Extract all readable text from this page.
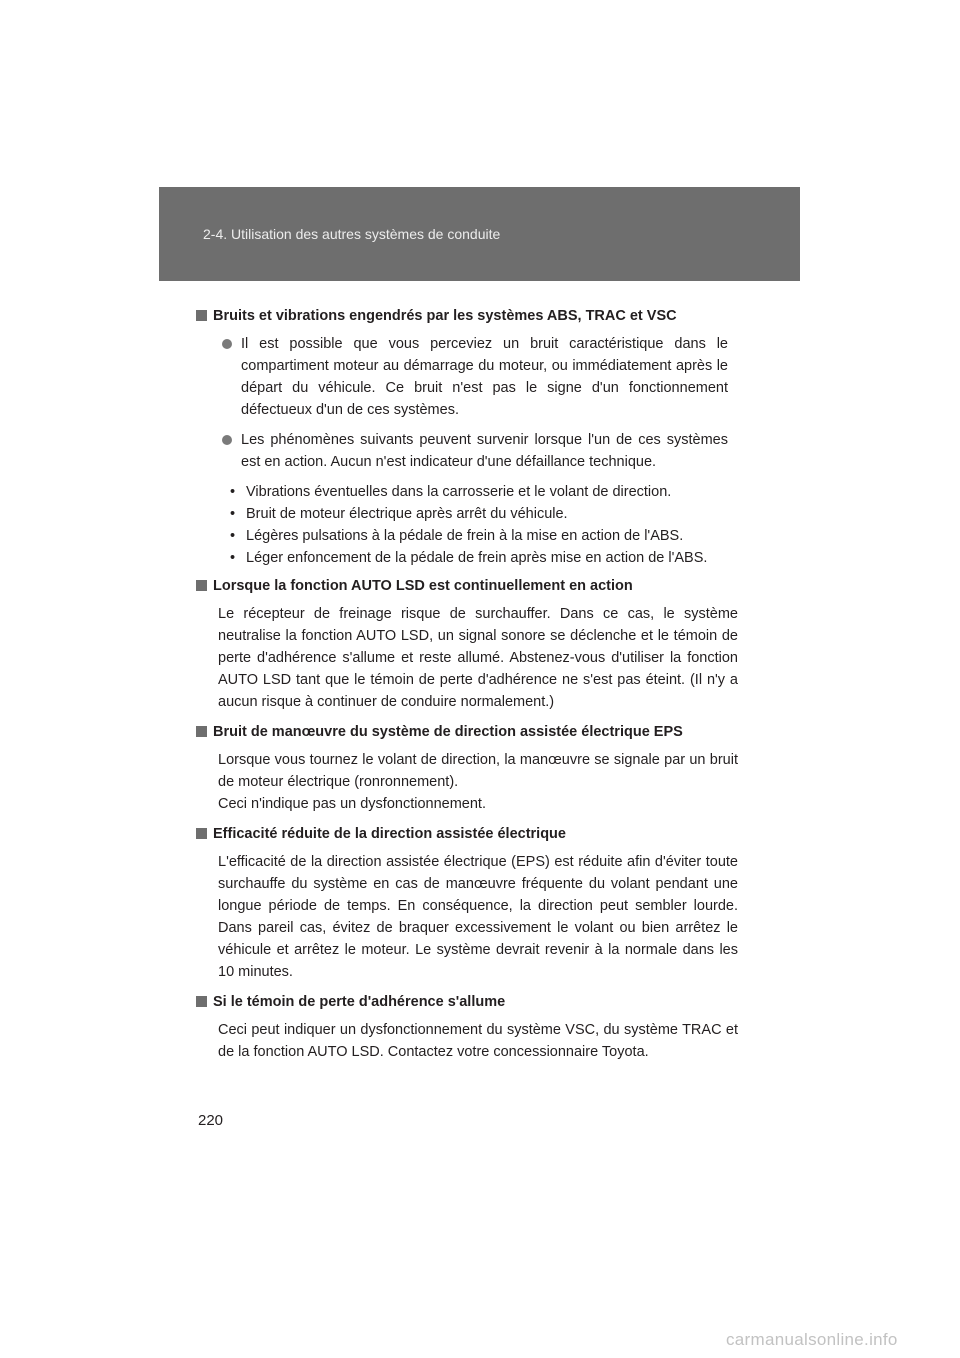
2-4. Utilisation des autres systèmes de conduite
Bruits et vibrations engendrés par les systèmes ABS, TRAC et VSC
Il est possible que vous perceviez un bruit caractéristique dans le compartiment moteur au démarrage du moteur, ou immédiatement après le départ du véhicule. Ce bruit n'est pas le signe d'un fonctionnement défectueux d'un de ces systèmes.
Les phénomènes suivants peuvent survenir lorsque l'un de ces systèmes est en action. Aucun n'est indicateur d'une défaillance technique.
• Vibrations éventuelles dans la carrosserie et le volant de direction.
• Bruit de moteur électrique après arrêt du véhicule.
• Légères pulsations à la pédale de frein à la mise en action de l'ABS.
• Léger enfoncement de la pédale de frein après mise en action de l'ABS.
Lorsque la fonction AUTO LSD est continuellement en action
Le récepteur de freinage risque de surchauffer. Dans ce cas, le système neutralise la fonction AUTO LSD, un signal sonore se déclenche et le témoin de perte d'adhérence s'allume et reste allumé. Abstenez-vous d'utiliser la fonction AUTO LSD tant que le témoin de perte d'adhérence ne s'est pas éteint. (Il n'y a aucun risque à continuer de conduire normalement.)
Bruit de manœuvre du système de direction assistée électrique EPS
Lorsque vous tournez le volant de direction, la manœuvre se signale par un bruit de moteur électrique (ronronnement).
Ceci n'indique pas un dysfonctionnement.
Efficacité réduite de la direction assistée électrique
L'efficacité de la direction assistée électrique (EPS) est réduite afin d'éviter toute surchauffe du système en cas de manœuvre fréquente du volant pendant une longue période de temps. En conséquence, la direction peut sembler lourde. Dans pareil cas, évitez de braquer excessivement le volant ou bien arrêtez le véhicule et arrêtez le moteur. Le système devrait revenir à la normale dans les 10 minutes.
Si le témoin de perte d'adhérence s'allume
Ceci peut indiquer un dysfonctionnement du système VSC, du système TRAC et de la fonction AUTO LSD. Contactez votre concessionnaire Toyota.
220
carmanualsonline.info
